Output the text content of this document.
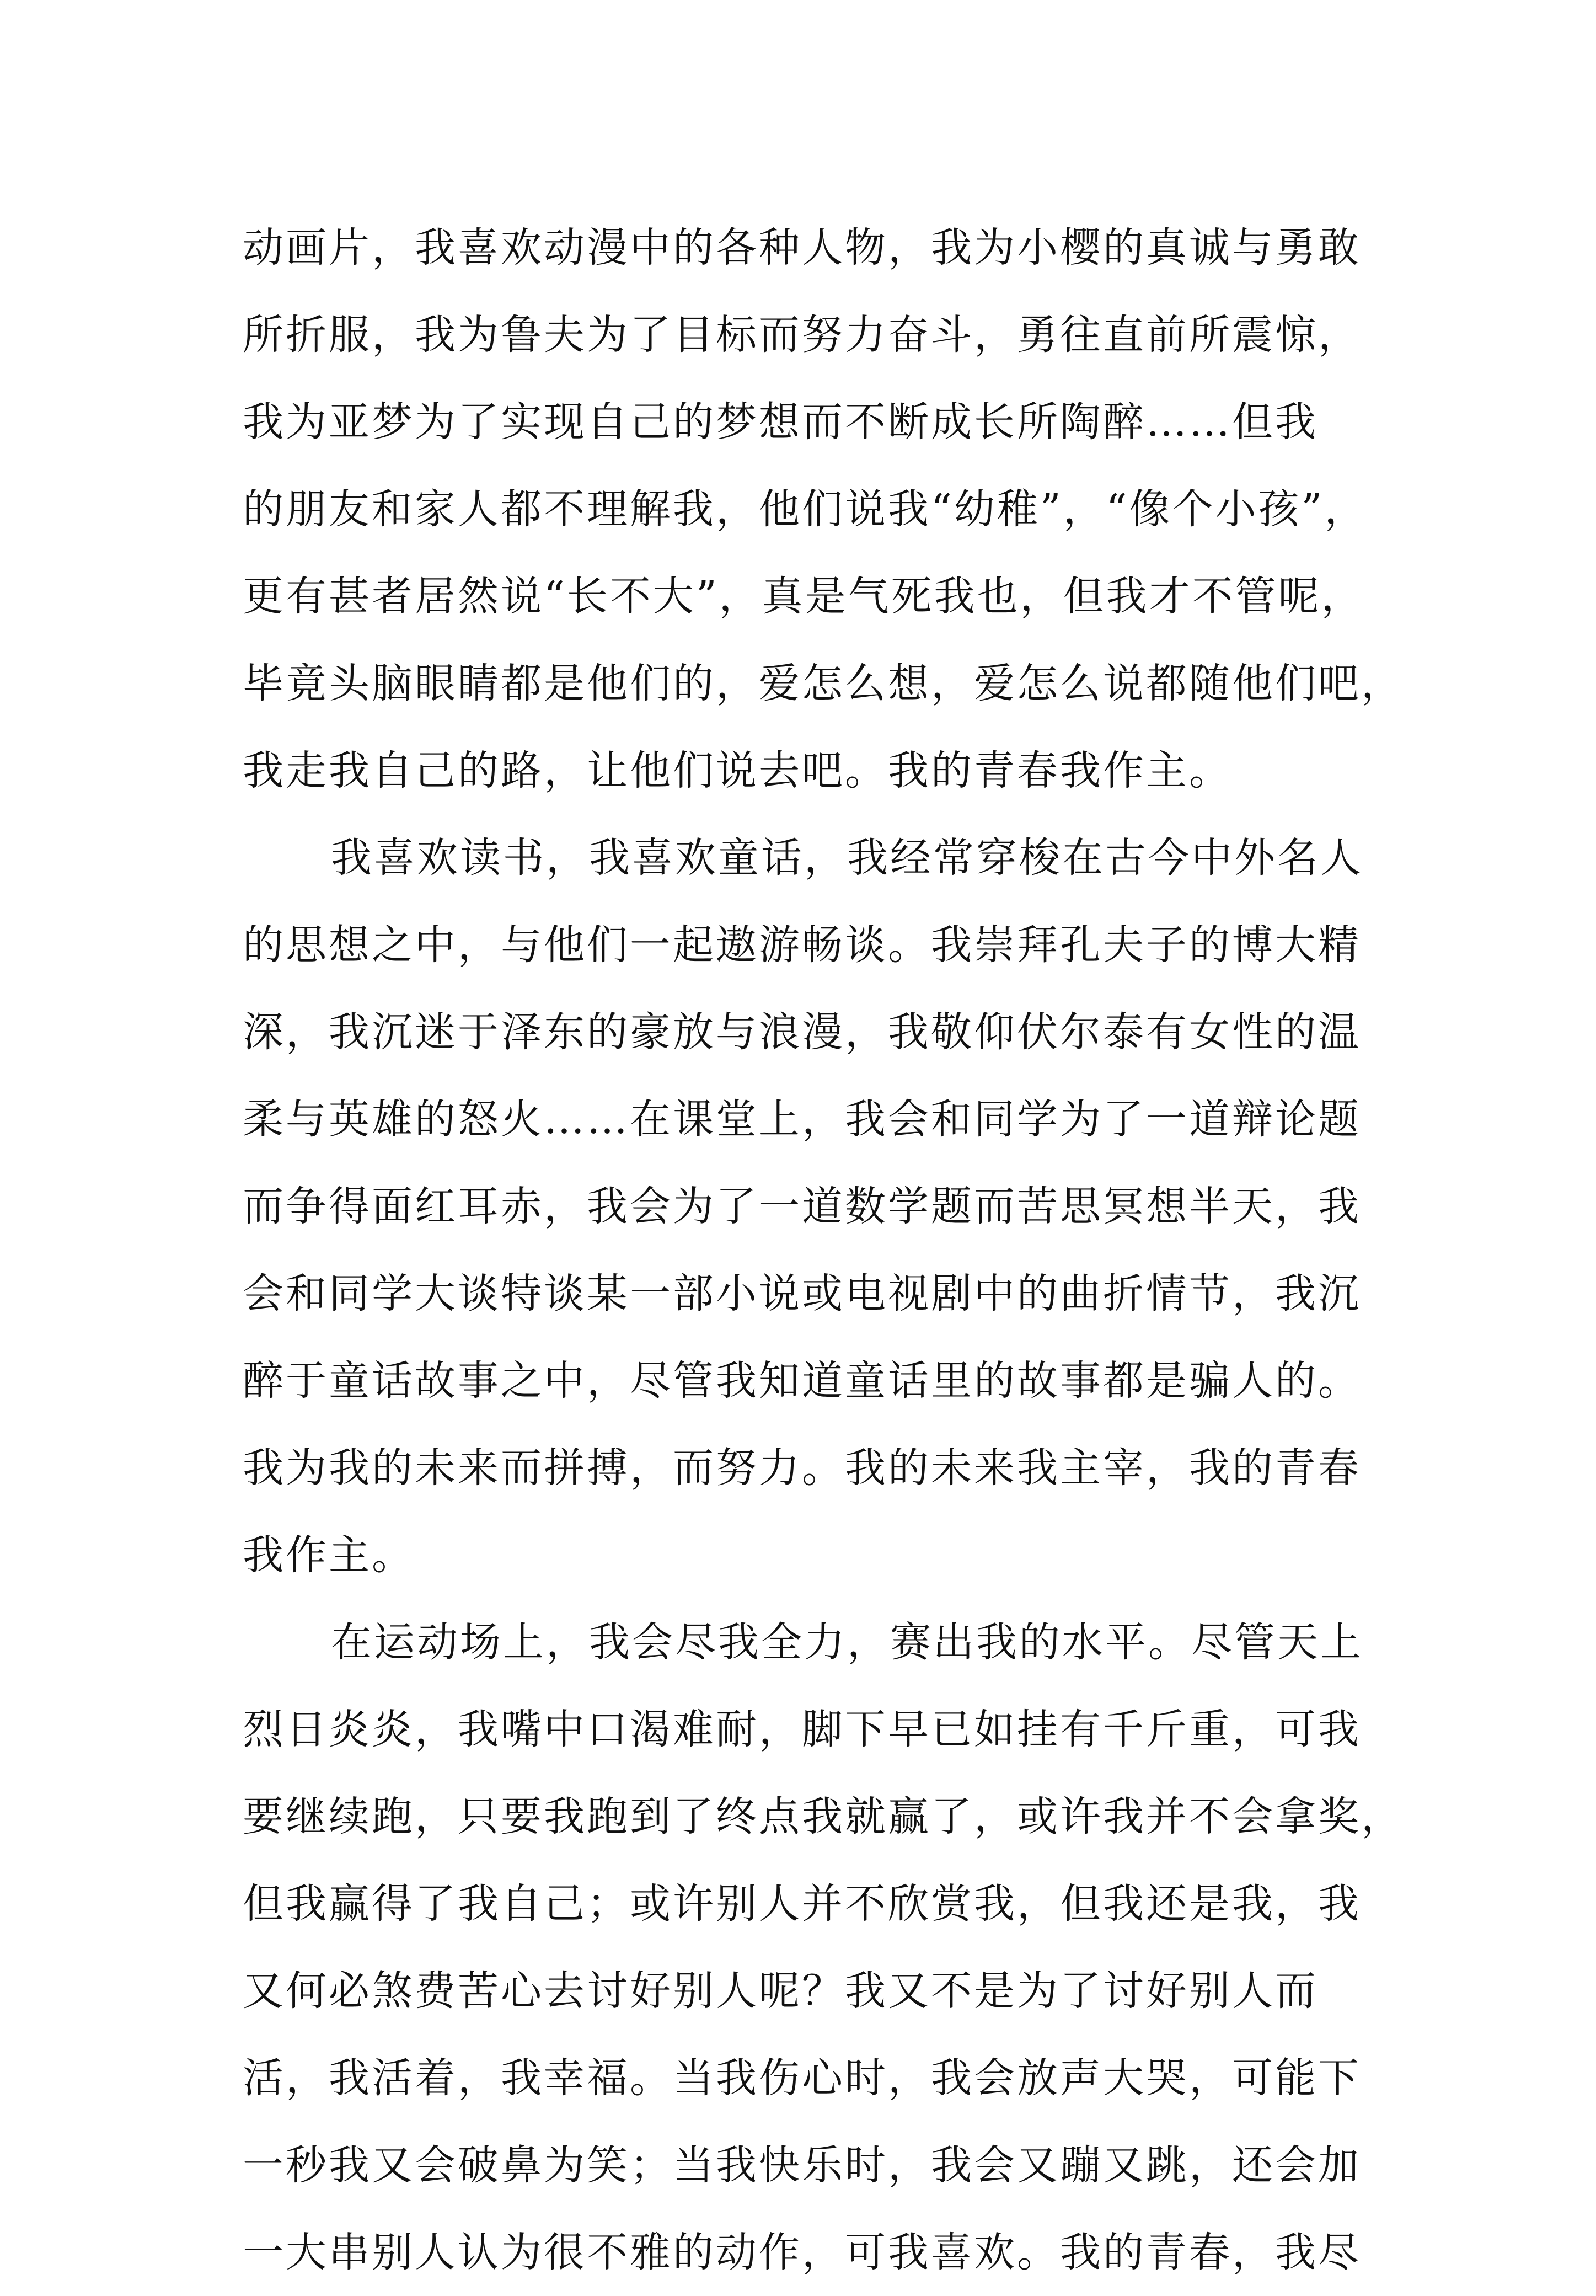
动画片，我喜欢动漫中的各种人物，我为小樱的真诚与勇敢
所折服，我为鲁夫为了目标而努力奋斗，勇往直前所震惊，
我为亚梦为了实现自己的梦想而不断成长所陶醉……但我
的朋友和家人都不理解我，他们说我“幼稚”，“像个小孩”，
更有甚者居然说“长不大”，真是气死我也，但我才不管呢，
毕竟头脑眼睛都是他们的，爱怎么想，爱怎么说都随他们吧，
我走我自己的路，让他们说去吧。我的青春我作主。
我喜欢读书，我喜欢童话，我经常穿梭在古今中外名人
的思想之中，与他们一起遨游畅谈。我崇拜孔夫子的博大精
深，我沉迷于泽东的豪放与浪漫，我敬仰伏尔泰有女性的温
柔与英雄的怒火……在课堂上，我会和同学为了一道辩论题
而争得面红耳赤，我会为了一道数学题而苦思冥想半天，我
会和同学大谈特谈某一部小说或电视剧中的曲折情节，我沉
醉于童话故事之中，尽管我知道童话里的故事都是骗人的。
我为我的未来而拼搏，而努力。我的未来我主宰，我的青春
我作主。
在运动场上，我会尽我全力，赛出我的水平。尽管天上
烈日炎炎，我嘴中口渴难耐，脚下早已如挂有千斤重，可我
要继续跑，只要我跑到了终点我就赢了，或许我并不会拿奖，
但我赢得了我自己；或许别人并不欣赏我，但我还是我，我
又何必煞费苦心去讨好别人呢？我又不是为了讨好别人而
活，我活着，我幸福。当我伤心时，我会放声大哭，可能下
一秒我又会破鼻为笑；当我快乐时，我会又蹦又跳，还会加
一大串别人认为很不雅的动作，可我喜欢。我的青春，我尽
